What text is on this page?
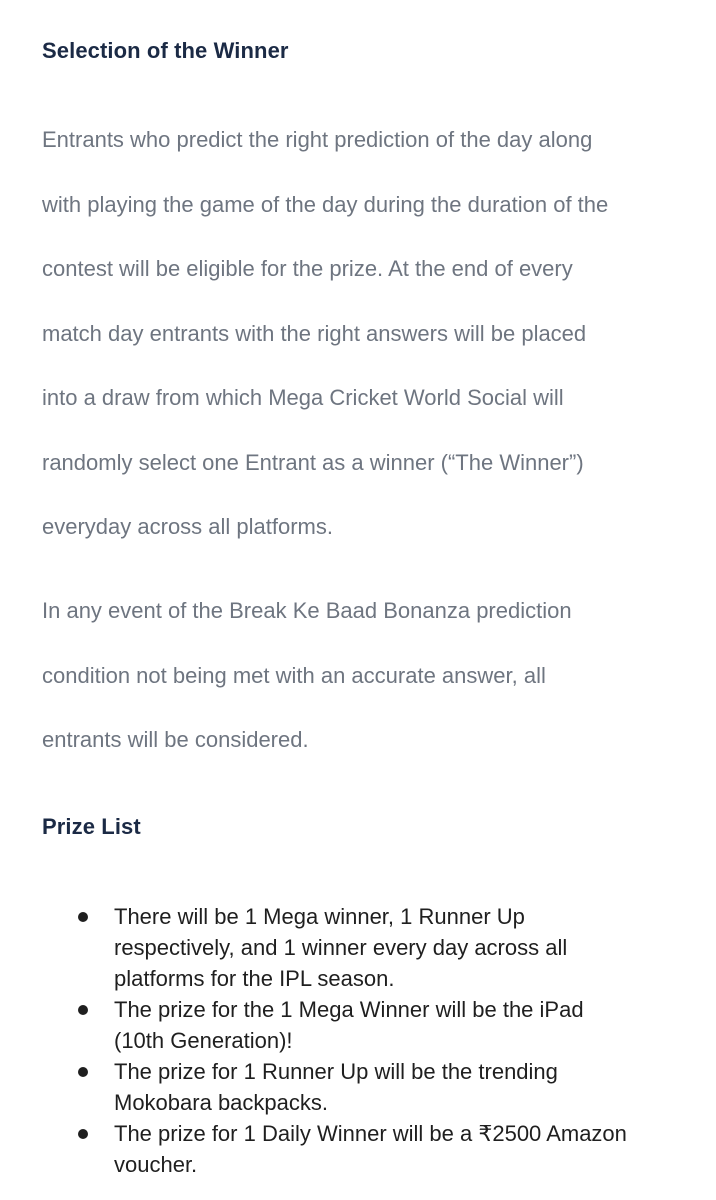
Selection of the Winner

Entrants who predict the right prediction of the day along
with playing the game of the day during the duration of the
contest will be eligible for the prize. At the end of every
match day entrants with the right answers will be placed
into a draw from which Mega Cricket World Social will
randomly select one Entrant as a winner (“The Winner”)
everyday across all platforms.

In any event of the Break Ke Baad Bonanza prediction
condition not being met with an accurate answer, all
entrants will be considered.

Prize List
There will be 1 Mega winner, 1 Runner Up
respectively, and 1 winner every day across all
platforms for the IPL season.
The prize for the 1 Mega Winner will be the iPad
(10th Generation)!
The prize for 1 Runner Up will be the trending
Mokobara backpacks.
The prize for 1 Daily Winner will be a ₹2500 Amazon
voucher.
